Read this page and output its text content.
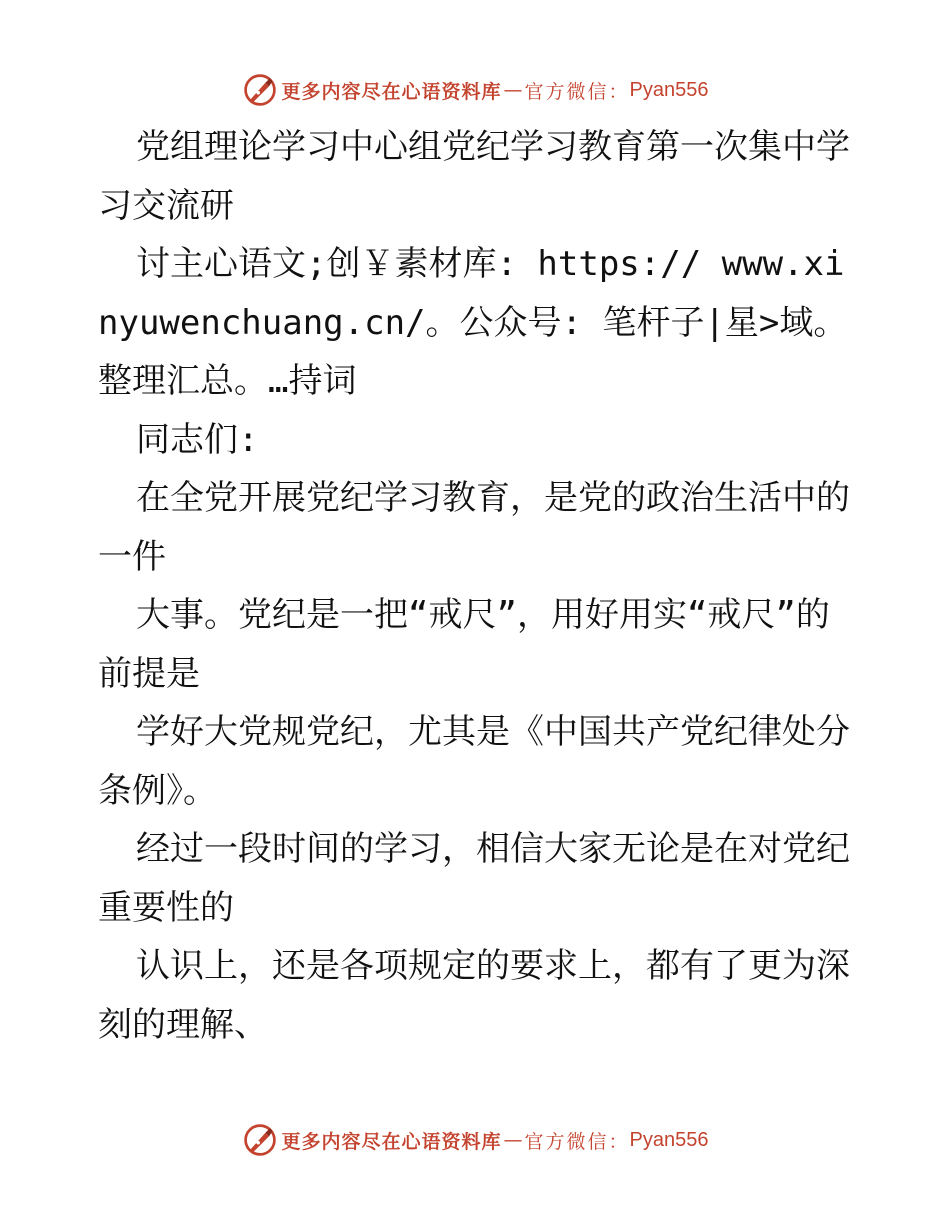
更多内容尽在心语资料库 — 官方微信： Pyan556

党组理论学习中心组党纪学习教育第一次集中学习交流研

讨主心语文;创￥素材库: https:// www.xinyuwenchuang.cn/。公众号: 笔杆子|星>域。整理汇总。…持词

同志们:

在全党开展党纪学习教育，是党的政治生活中的一件

大事。党纪是一把“戒尺”，用好用实“戒尺”的前提是

学好大党规党纪，尤其是《中国共产党纪律处分条例》。

经过一段时间的学习，相信大家无论是在对党纪重要性的

认识上，还是各项规定的要求上，都有了更为深刻的理解、

更多内容尽在心语资料库 — 官方微信： Pyan556
